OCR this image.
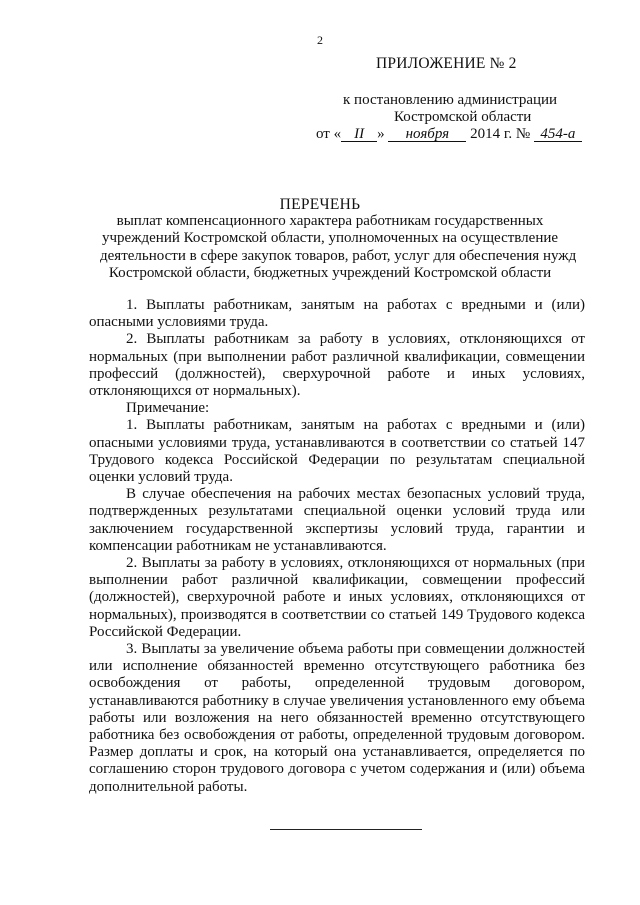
2
ПРИЛОЖЕНИЕ № 2
к постановлению администрации
Костромской области
от « II » ноября 2014 г. № 454-а
ПЕРЕЧЕНЬ
выплат компенсационного характера работникам государственных
учреждений Костромской области, уполномоченных на осуществление
деятельности в сфере закупок товаров, работ, услуг для обеспечения нужд
Костромской области, бюджетных учреждений Костромской области

1. Выплаты работникам, занятым на работах с вредными и (или) опасными условиями труда.

2. Выплаты работникам за работу в условиях, отклоняющихся от нормальных (при выполнении работ различной квалификации, совмещении профессий (должностей), сверхурочной работе и иных условиях, отклоняющихся от нормальных).

Примечание:

1. Выплаты работникам, занятым на работах с вредными и (или) опасными условиями труда, устанавливаются в соответствии со статьей 147 Трудового кодекса Российской Федерации по результатам специальной оценки условий труда.

В случае обеспечения на рабочих местах безопасных условий труда, подтвержденных результатами специальной оценки условий труда или заключением государственной экспертизы условий труда, гарантии и компенсации работникам не устанавливаются.

2. Выплаты за работу в условиях, отклоняющихся от нормальных (при выполнении работ различной квалификации, совмещении профессий (должностей), сверхурочной работе и иных условиях, отклоняющихся от нормальных), производятся в соответствии со статьей 149 Трудового кодекса Российской Федерации.

3. Выплаты за увеличение объема работы при совмещении должностей или исполнение обязанностей временно отсутствующего работника без освобождения от работы, определенной трудовым договором, устанавливаются работнику в случае увеличения установленного ему объема работы или возложения на него обязанностей временно отсутствующего работника без освобождения от работы, определенной трудовым договором. Размер доплаты и срок, на который она устанавливается, определяется по соглашению сторон трудового договора с учетом содержания и (или) объема дополнительной работы.
